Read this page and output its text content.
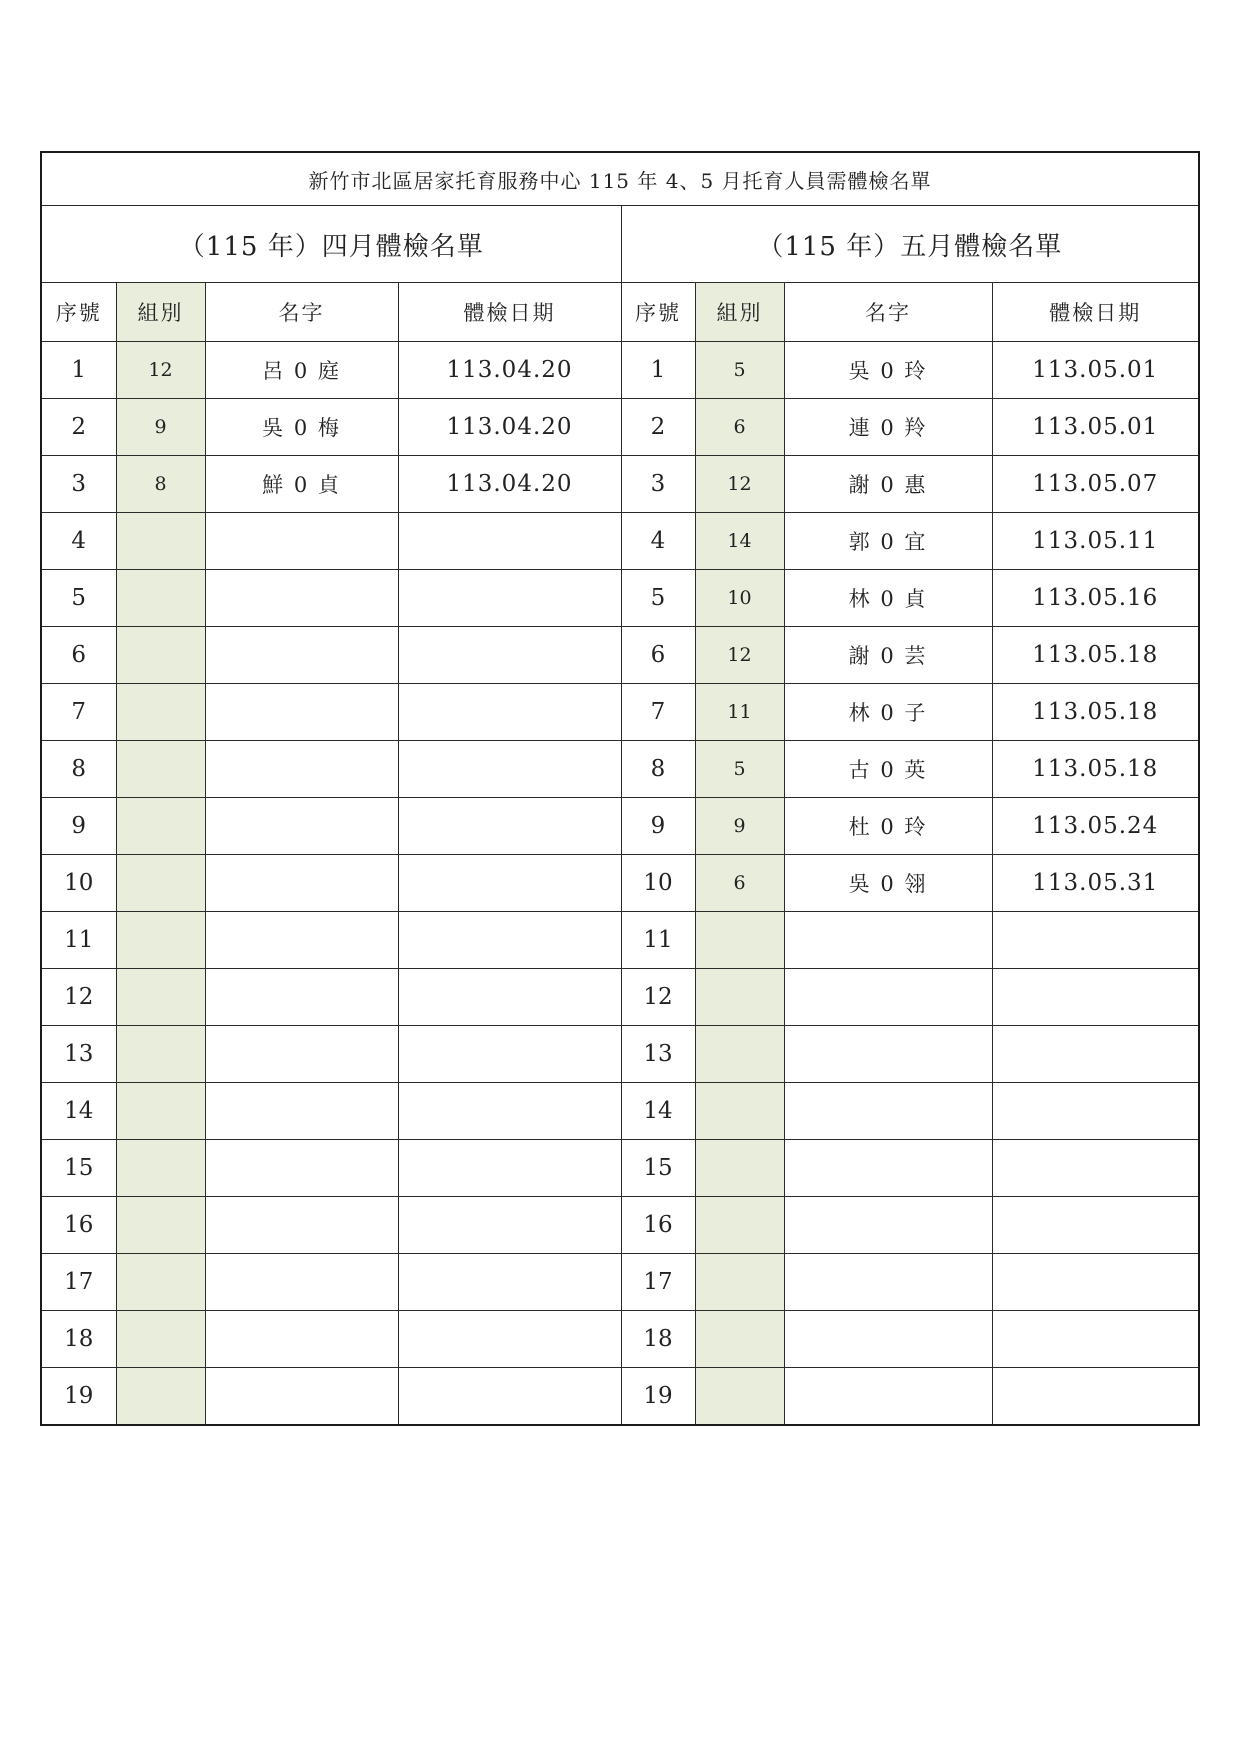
新竹市北區居家托育服務中心 115 年 4、5 月托育人員需體檢名單							
（115 年）四月體檢名單				（115 年）五月體檢名單			
序號	組別	名字	體檢日期	序號	組別	名字	體檢日期
1	12	呂 0 庭	113.04.20	1	5	吳 0 玲	113.05.01
2	9	吳 0 梅	113.04.20	2	6	連 0 羚	113.05.01
3	8	鮮 0 貞	113.04.20	3	12	謝 0 惠	113.05.07
4				4	14	郭 0 宜	113.05.11
5				5	10	林 0 貞	113.05.16
6				6	12	謝 0 芸	113.05.18
7				7	11	林 0 子	113.05.18
8				8	5	古 0 英	113.05.18
9				9	9	杜 0 玲	113.05.24
10				10	6	吳 0 翎	113.05.31
11				11			
12				12			
13				13			
14				14			
15				15			
16				16			
17				17			
18				18			
19				19			
